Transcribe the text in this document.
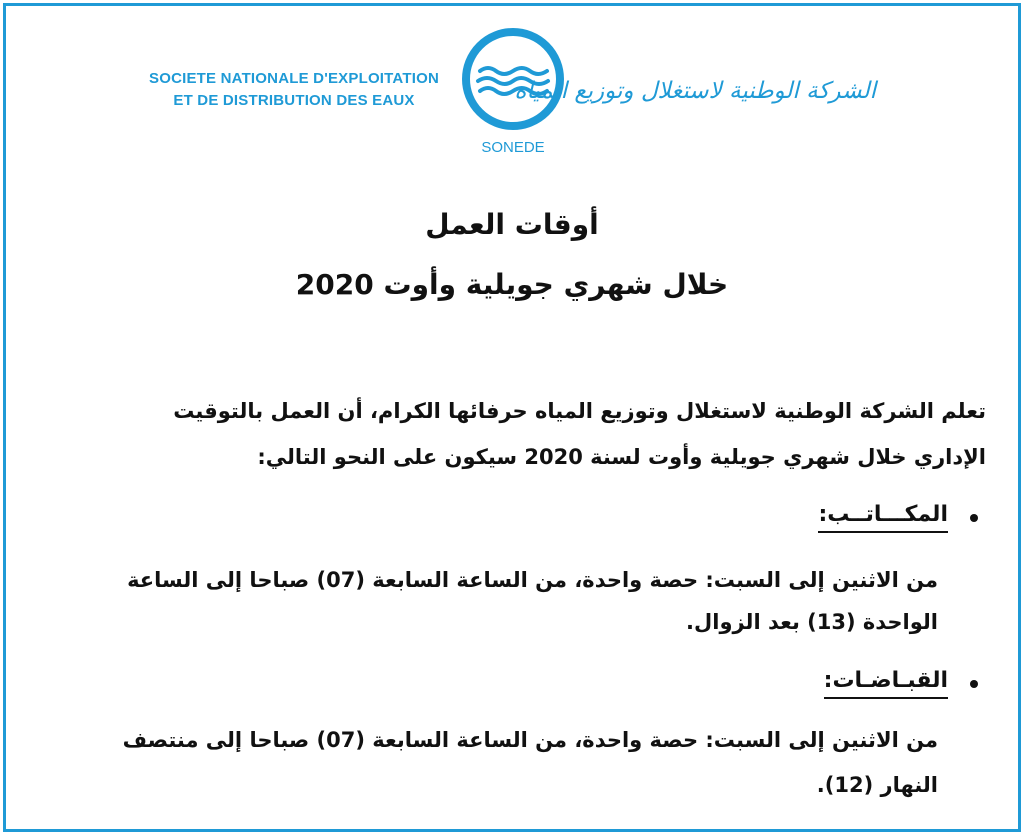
SOCIETE NATIONALE D'EXPLOITATION
ET DE DISTRIBUTION DES EAUX
SONEDE
الشركة الوطنية لاستغلال وتوزيع المياه
أوقات العمل
خلال شهري جويلية وأوت 2020
تعلم الشركة الوطنية لاستغلال وتوزيع المياه حرفائها الكرام، أن العمل بالتوقيت
الإداري خلال شهري جويلية وأوت لسنة 2020 سيكون على النحو التالي:
المكـــاتــب:
من الاثنين إلى السبت: حصة واحدة، من الساعة السابعة (07) صباحا إلى الساعة
الواحدة (13) بعد الزوال.
القبـاضـات:
من الاثنين إلى السبت: حصة واحدة، من الساعة السابعة (07) صباحا إلى منتصف
النهار (12).
